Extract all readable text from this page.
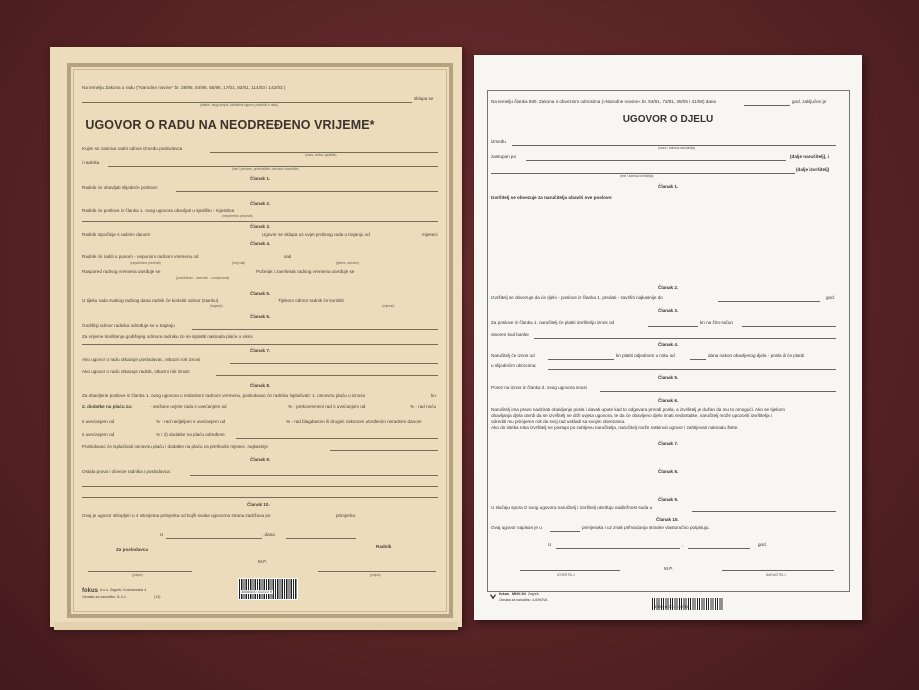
Na temelju Zakona o radu ("Narodne novine" br. 38/95, 54/95, 65/95, 17/01, 82/01, 114/03 i 142/03 )
sklapa se
(datum, drugi propis, kolektivni ugovor, pravilnik o radu)
UGOVOR O RADU NA NEODREĐENO VRIJEME*
Kojim se zasniva radni odnos između poslodavca
(naziv, tvrtka, sjedište)
i radnika
(ime i prezime, prebivalište, odnosno boravište)
Članak 1.
Radnik će obavljati slijedeće poslove:
Članak 2.
Radnik će poslove iz članka 1. ovog ugovora obavljati u sjedištu - mjestima
(nepotrebno precrtati)
Članak 3.
Radnik otpočinje s radnim danom	Ugovor se sklapa uz uvjet probnog rada u trajanju od	mjeseci
Članak 4.
Radnik će raditi u punom - nepunom radnom vremenu od	sati
(nepotrebno precrtati)	(broj sati)	(tjedno, dnevno)
Raspored radnog vremena utvrđuje se	Početak i završetak radnog vremena utvrđuje se
(pravilnikom - dnevnim - u smjenama)
Članak 5.
U tijeku rada svakog radnog dana radnik će koristiti odmor (stanku)	Tijekom odmor radnik će koristiti
(trajanje)	(vrijeme)
Članak 6.
Godišnji odmor radnika određuje se u trajanju
Za vrijeme korištenja godišnjeg odmora radniku će se isplatiti naknada plaće u visini
Članak 7.
Ako ugovor o radu otkazuje poslodavac, otkazni rok iznosi
Ako ugovor o radu otkazuje radnik, otkazni rok iznosi
Članak 8.
Za obavljene poslove iz članka 1. ovog ugovora u redovitom radnom vremenu, poslodavac će radniku isplaćivati: 1. osnovnu plaću u iznosu	kn.
2. dodatke na plaću za:	- otežane uvjete rada s uvećanjem od	% - prekovremeni rad s uvećanjem od	% - rad noću
s uvećanjem od	% - rad nedjeljom s uvećanjem od	% - rad blagdanom ili drugim zakonom utvrđenim neradnim danom
s uvećanjem od	% i 3) dodatke na plaću određene
Poslodavac će isplaćivati osnovnu plaću i dodatke na plaću za prethodni mjesec, najkasnije
Članak 9.
Ostala prava i obveze radnika i poslodavca:
Članak 10.
Ovaj je ugovor sklopljen u 4 istovjetna primjerka od kojih svaka ugovorna strana zadržava po	primjerka.
U	, dana
Za poslodavca
Radnik
M.P.
(potpis)	(potpis)
fokus d.o.o. Zagreb, Kolodvorska 4
Oznaka za narudžbu: B-4-1	(13)
3856000 41022 9
Na temelju članka 590. Zakona o obveznim odnosima (»Narodne novine« br. 53/91, 73/91, 35/05 i 41/08) dana	god. zaključen je
UGOVOR O DJELU
između
(naziv i adresa naručitelja)
zastupan po	(dalje naručitelj), i
(dalje izvršitelj)
(ime i adresa izvršitelja)
Članak 1.
Izvršitelj se obvezuje za naručitelja obaviti ove poslove:
Članak 2.
Izvršitelj se obvezuje da će djelo - poslove iz članka 1. predati - završiti najkasnije do	god.
Članak 3.
Za poslove iz članka 1. naručitelj će platiti izvršitelju iznos od	kn na žiro-račun
otvoren kod banke
Članak 4.
Naručitelj će iznos od	kn platiti odjednom u roku od	dana nakon obavljenog djela - posla ili će platiti
u slijedećim obrocima:
Članak 5.
Porez na iznos iz članka 3. ovog ugovora snosi
Članak 6.
Naručitelj ima pravo nadzirati obavljanje posla i davati upute kad to odgovara prirodi posla, a izvršitelj je dužan da mu to omogući. Ako se tijekom
obavljanja djela utvrdi da se izvršitelj ne drži uvjeta ugovora, te da će obavljeno djelo imati nedostatke, naručitelj može upozoriti izvršitelja i
odrediti mu primjeren rok da svoj rad uskladi sa svojim obvezama.
Ako do isteka roka izvršitelj ne postupi po zahtjevu naručitelja, naručitelj može raskinuti ugovor i zahtijevati naknadu štete.
Članak 7.
Članak 8.
Članak 9.
U slučaju spora iz ovog ugovora naručitelj i izvršitelj utvrđuju nadležnost suda u
Članak 10.
Ovaj ugovor napisan je u	primjeraka i uz znak prihvaćanja stranke vlastoručno potpisuju.
U	,	god.
M.P.
IZVRŠITELJ	NARUČITELJ
fokus MNV-94 Zagreb
Oznaka za narudžbu: 4-6/NOVA
3856000410716
